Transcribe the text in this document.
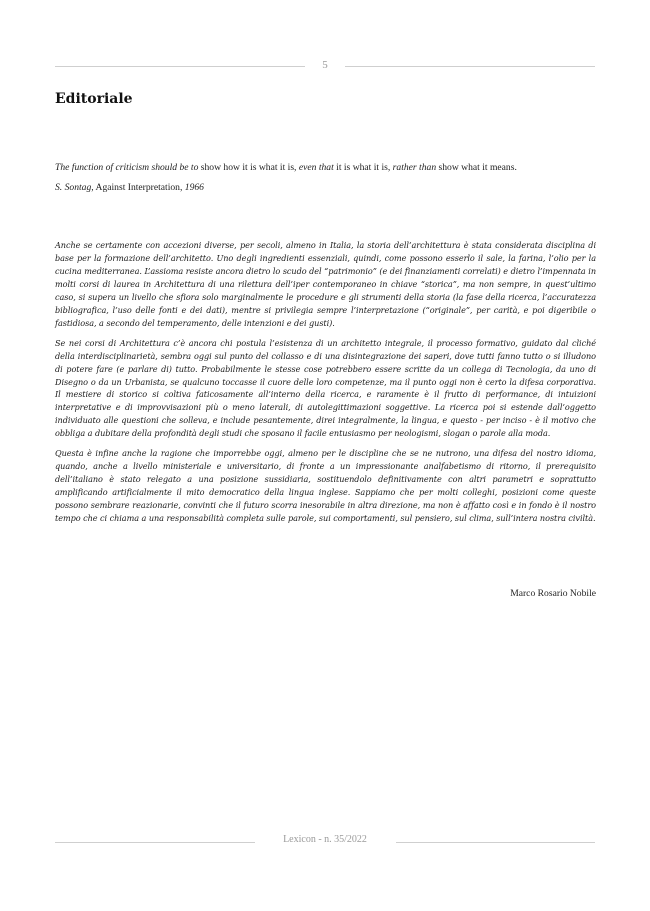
5
Editoriale

The function of criticism should be to show how it is what it is, even that it is what it is, rather than show what it means.

S. Sontag, Against Interpretation, 1966

Anche se certamente con accezioni diverse, per secoli, almeno in Italia, la storia dell’architettura è stata considerata disciplina di base per la formazione dell’architetto. Uno degli ingredienti essenziali, quindi, come possono esserlo il sale, la farina, l’olio per la cucina mediterranea. L’assioma resiste ancora dietro lo scudo del “patrimonio” (e dei finanziamenti correlati) e dietro l’impennata in molti corsi di laurea in Architettura di una rilettura dell’iper contemporaneo in chiave “storica”, ma non sempre, in quest’ultimo caso, si supera un livello che sfiora solo marginalmente le procedure e gli strumenti della storia (la fase della ricerca, l’accuratezza bibliografica, l’uso delle fonti e dei dati), mentre si privilegia sempre l’interpretazione (“originale”, per carità, e poi digeribile o fastidiosa, a secondo del temperamento, delle intenzioni e dei gusti).

Se nei corsi di Architettura c’è ancora chi postula l’esistenza di un architetto integrale, il processo formativo, guidato dal cliché della interdisciplinarietà, sembra oggi sul punto del collasso e di una disintegrazione dei saperi, dove tutti fanno tutto o si illudono di potere fare (e parlare di) tutto. Probabilmente le stesse cose potrebbero essere scritte da un collega di Tecnologia, da uno di Disegno o da un Urbanista, se qualcuno toccasse il cuore delle loro competenze, ma il punto oggi non è certo la difesa corporativa. Il mestiere di storico si coltiva faticosamente all’interno della ricerca, e raramente è il frutto di performance, di intuizioni interpretative e di improvvisazioni più o meno laterali, di autolegittimazioni soggettive. La ricerca poi si estende dall’oggetto individuato alle questioni che solleva, e include pesantemente, direi integralmente, la lingua, e questo - per inciso - è il motivo che obbliga a dubitare della profondità degli studi che sposano il facile entusiasmo per neologismi, slogan o parole alla moda.

Questa è infine anche la ragione che imporrebbe oggi, almeno per le discipline che se ne nutrono, una difesa del nostro idioma, quando, anche a livello ministeriale e universitario, di fronte a un impressionante analfabetismo di ritorno, il prerequisito dell’italiano è stato relegato a una posizione sussidiaria, sostituendolo definitivamente con altri parametri e soprattutto amplificando artificialmente il mito democratico della lingua inglese. Sappiamo che per molti colleghi, posizioni come queste possono sembrare reazionarie, convinti che il futuro scorra inesorabile in altra direzione, ma non è affatto così e in fondo è il nostro tempo che ci chiama a una responsabilità completa sulle parole, sui comportamenti, sul pensiero, sul clima, sull’intera nostra civiltà.

Marco Rosario Nobile
Lexicon - n. 35/2022
